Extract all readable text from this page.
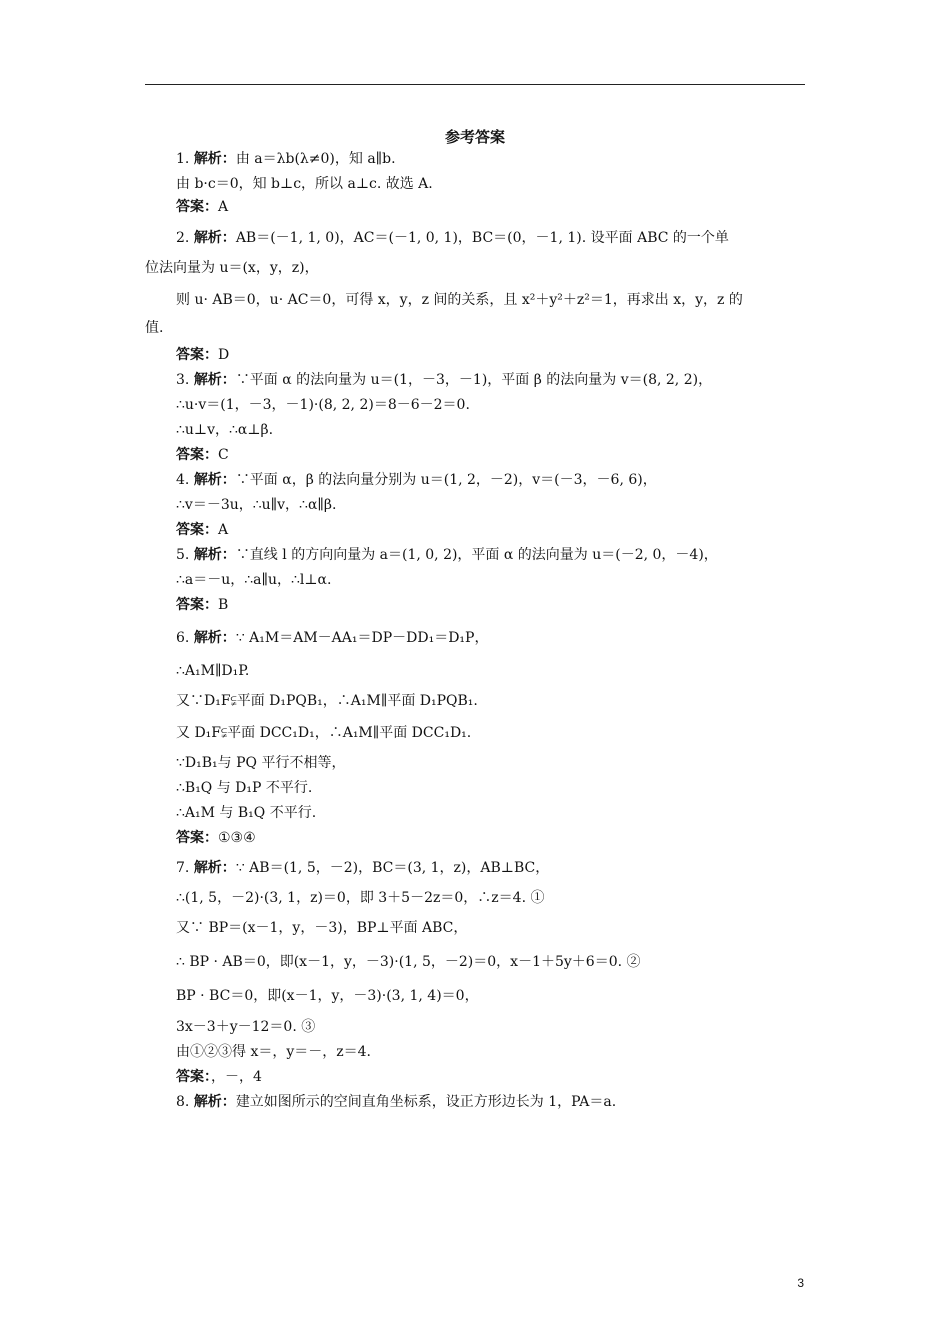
参考答案
1. 解析：由 a＝λb(λ≠0)，知 a∥b.
由 b·c＝0，知 b⊥c，所以 a⊥c. 故选 A.
答案：A
2. 解析：AB＝(－1, 1, 0)，AC＝(－1, 0, 1)，BC＝(0，－1, 1). 设平面 ABC 的一个单
位法向量为 u＝(x，y，z)，
则 u· AB＝0，u· AC＝0，可得 x，y，z 间的关系，且 x²＋y²＋z²＝1，再求出 x，y，z 的
值.
答案：D
3. 解析：∵平面 α 的法向量为 u＝(1，－3，－1)，平面 β 的法向量为 v＝(8, 2, 2)，
∴u·v＝(1，－3，－1)·(8, 2, 2)＝8－6－2＝0.
∴u⊥v，∴α⊥β.
答案：C
4. 解析：∵平面 α，β 的法向量分别为 u＝(1, 2，－2)，v＝(－3，－6, 6)，
∴v＝－3u，∴u∥v，∴α∥β.
答案：A
5. 解析：∵直线 l 的方向向量为 a＝(1, 0, 2)，平面 α 的法向量为 u＝(－2, 0，－4)，
∴a＝－u，∴a∥u，∴l⊥α.
答案：B
6. 解析：∵ A₁M＝AM－AA₁＝DP－DD₁＝D₁P，
∴A₁M∥D₁P.
又∵D₁F⫋平面 D₁PQB₁，∴A₁M∥平面 D₁PQB₁.
又 D₁F⫋平面 DCC₁D₁，∴A₁M∥平面 DCC₁D₁.
∵D₁B₁与 PQ 平行不相等，
∴B₁Q 与 D₁P 不平行.
∴A₁M 与 B₁Q 不平行.
答案：①③④
7. 解析：∵ AB＝(1, 5，－2)，BC＝(3, 1，z)，AB⊥BC，
∴(1, 5，－2)·(3, 1，z)＝0，即 3＋5－2z＝0，∴z＝4. ①
又∵ BP＝(x－1，y，－3)，BP⊥平面 ABC，
∴ BP · AB＝0，即(x－1，y，－3)·(1, 5，－2)＝0，x－1＋5y＋6＝0. ②
BP · BC＝0，即(x－1，y，－3)·(3, 1, 4)＝0，
3x－3＋y－12＝0. ③
由①②③得 x＝，y＝－，z＝4.
答案：，－，4
8. 解析：建立如图所示的空间直角坐标系，设正方形边长为 1，PA＝a.
3
